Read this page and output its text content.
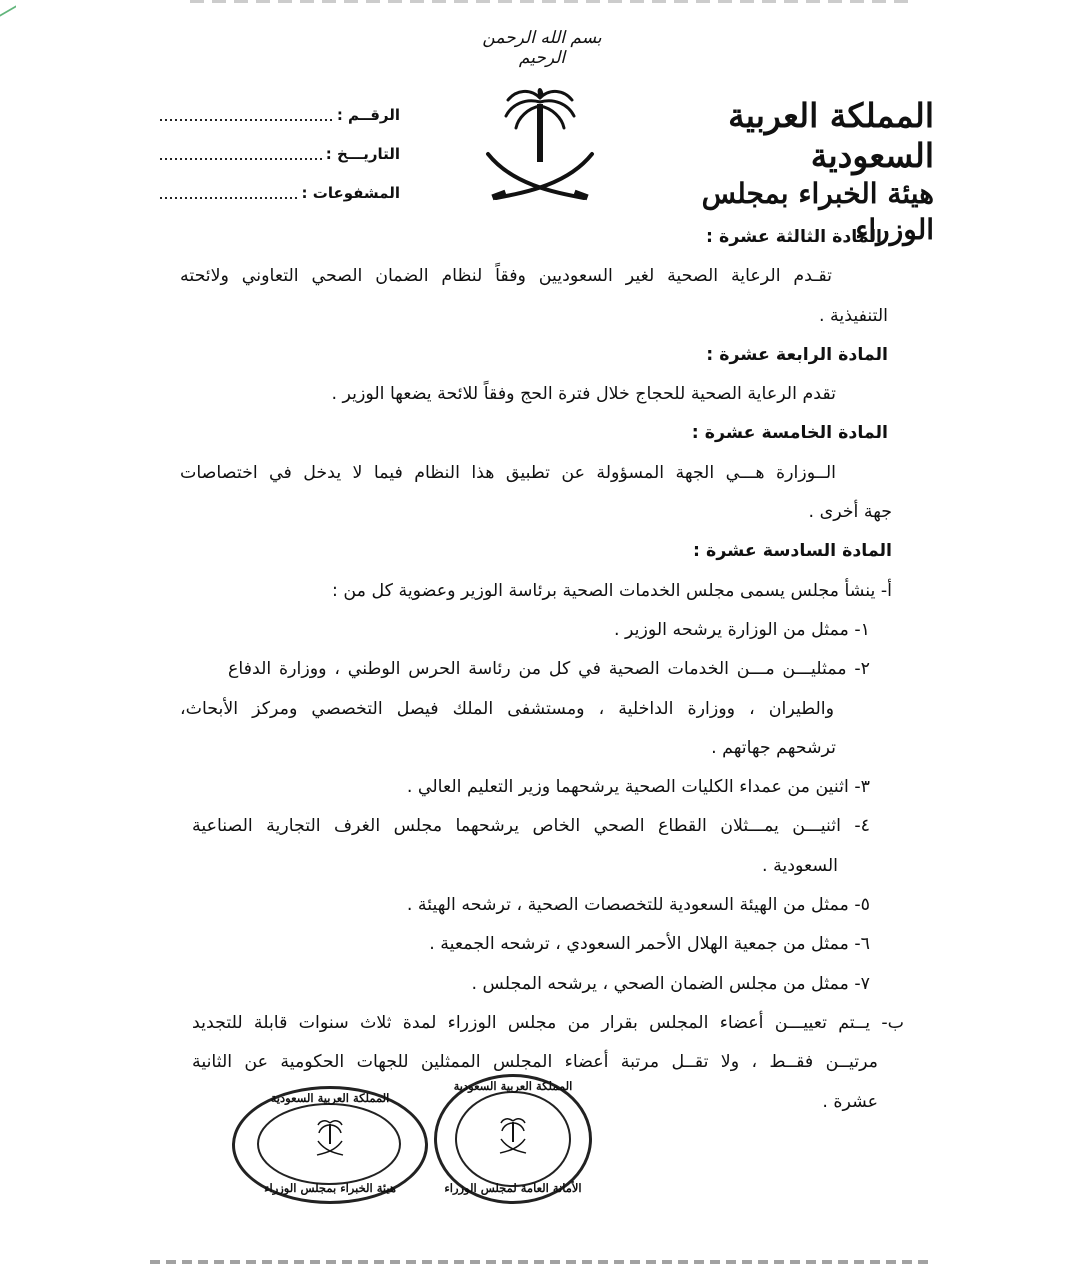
بسم الله الرحمن الرحيم
المملكة العربية السعودية
هيئة الخبراء بمجلس الوزراء
الرقــم :
التاريـــخ :
المشفوعات :
المادة الثالثة عشرة :
تقـدم الرعاية الصحية لغير السعوديين وفقاً لنظام الضمان الصحي التعاوني ولائحته
التنفيذية .
المادة الرابعة عشرة :
تقدم الرعاية الصحية للحجاج خلال فترة الحج وفقاً للائحة يضعها الوزير .
المادة الخامسة عشرة :
الــوزارة هـــي الجهة المسؤولة عن تطبيق هذا النظام فيما لا يدخل في اختصاصات
جهة أخرى .
المادة السادسة عشرة :
أ- ينشأ مجلس يسمى مجلس الخدمات الصحية برئاسة الوزير وعضوية كل من :
١- ممثل من الوزارة يرشحه الوزير .
٢- ممثليـــن مـــن الخدمات الصحية في كل من رئاسة الحرس الوطني ، ووزارة الدفاع
والطيران ، ووزارة الداخلية ، ومستشفى الملك فيصل التخصصي ومركز الأبحاث،
ترشحهم جهاتهم .
٣- اثنين من عمداء الكليات الصحية يرشحهما وزير التعليم العالي .
٤- اثنيـــن يمـــثلان القطاع الصحي الخاص يرشحهما مجلس الغرف التجارية الصناعية
السعودية .
٥- ممثل من الهيئة السعودية للتخصصات الصحية ، ترشحه الهيئة .
٦- ممثل من جمعية الهلال الأحمر السعودي ، ترشحه الجمعية .
٧- ممثل من مجلس الضمان الصحي ، يرشحه المجلس .
ب- يــتم تعييـــن أعضاء المجلس بقرار من مجلس الوزراء لمدة ثلاث سنوات قابلة للتجديد
مرتيــن فقــط ، ولا تقــل مرتبة أعضاء المجلس الممثلين للجهات الحكومية عن الثانية
عشرة .
المملكة العربية السعودية
هيئة الخبراء بمجلس الوزراء
المملكة العربية السعودية
الأمانة العامة لمجلس الوزراء
